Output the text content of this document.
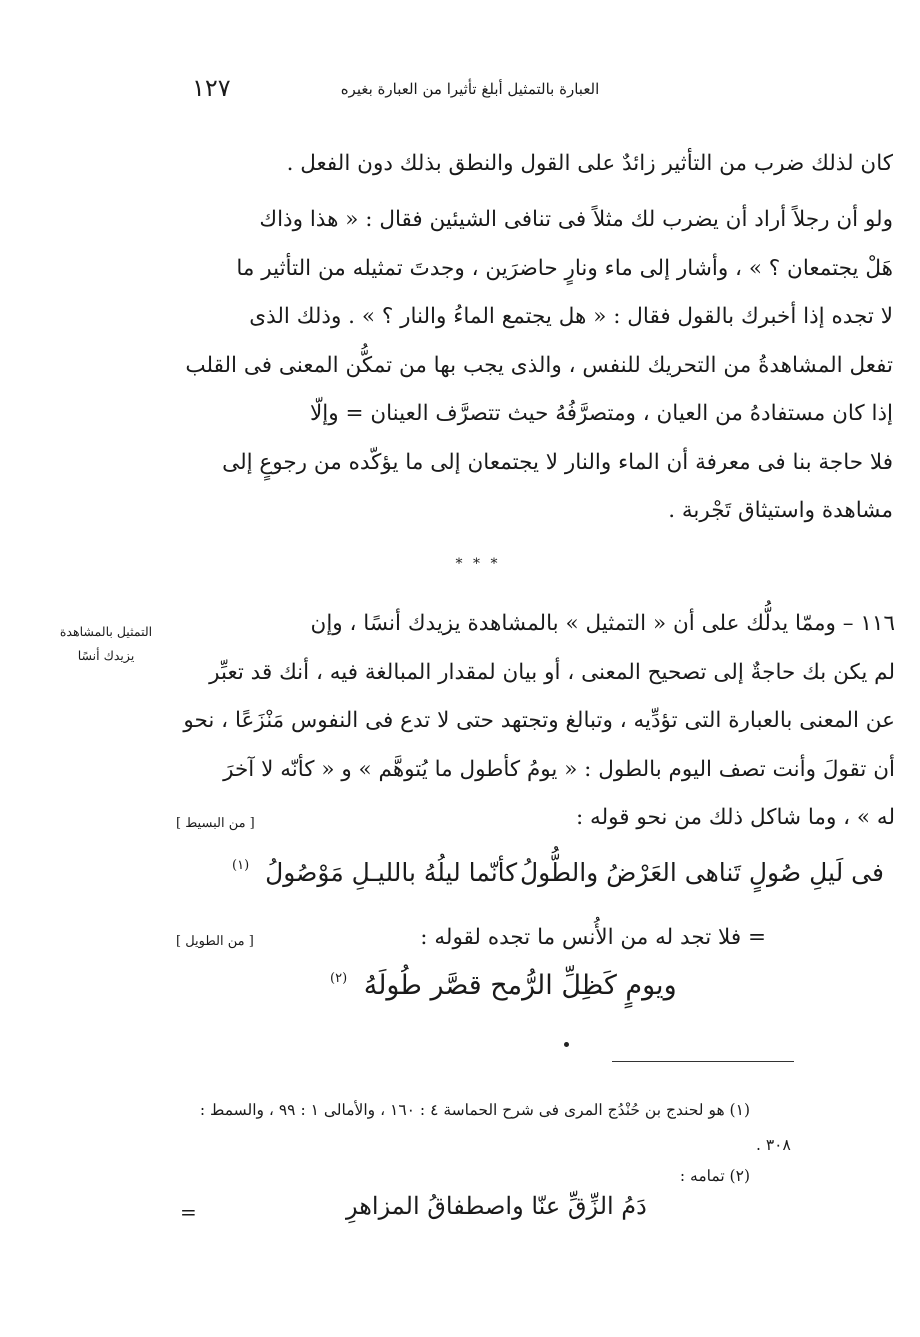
العبارة بالتمثيل أبلغ تأثيرا من العبارة بغيره
١٢٧
كان لذلك ضرب من التأثير زائدٌ على القول والنطق بذلك دون الفعل .
ولو أن رجلاً أراد أن يضرب لك مثلاً فى تنافى الشيئين فقال : « هذا وذاك
هَلْ يجتمعان ؟ » ، وأشار إلى ماء ونارٍ حاضرَين ، وجدتَ تمثيله من التأثير ما
لا تجده إذا أخبرك بالقول فقال : « هل يجتمع الماءُ والنار ؟ » . وذلك الذى
تفعل المشاهدةُ من التحريك للنفس ، والذى يجب بها من تمكُّن المعنى فى القلب
إذا كان مستفادهُ من العيان ، ومتصرَّفُهُ حيث تتصرَّف العينان = وإلّا
فلا حاجة بنا فى معرفة أن الماء والنار لا يجتمعان إلى ما يؤكّده من رجوعٍ إلى
مشاهدة واستيثاق تَجْربة .
* * *
التمثيل بالمشاهدة
يزيدك أنسًا
١١٦ – وممّا يدلُّك على أن « التمثيل » بالمشاهدة يزيدك أنسًا ، وإن
لم يكن بك حاجةٌ إلى تصحيح المعنى ، أو بيان لمقدار المبالغة فيه ، أنك قد تعبِّر
عن المعنى بالعبارة التى تؤدِّيه ، وتبالغ وتجتهد حتى لا تدع فى النفوس مَنْزَعًا ، نحو
أن تقولَ وأنت تصف اليوم بالطول : « يومُ كأطول ما يُتوهَّم » و « كأنّه لا آخرَ
له » ، وما شاكل ذلك من نحو قوله :
[ من البسيط ]
فى لَيلِ صُولٍ تَناهى العَرْضُ والطُّولُ
كأنّما ليلُهُ بالليـلِ مَوْصُولُ $^{(١)}$
= فلا تجد له من الأُنس ما تجده لقوله :
[ من الطويل ]
ويومٍ كَظِلِّ الرُّمح قصَّر طُولَهُ $^{(٢)}$
(١) هو لحندج بن حُنْدُج المرى فى شرح الحماسة ٤ : ١٦٠ ، والأمالى ١ : ٩٩ ، والسمط :
٣٠٨ .
(٢) تمامه :
دَمُ الزِّقِّ عنّا واصطفاقُ المزاهرِ
=
